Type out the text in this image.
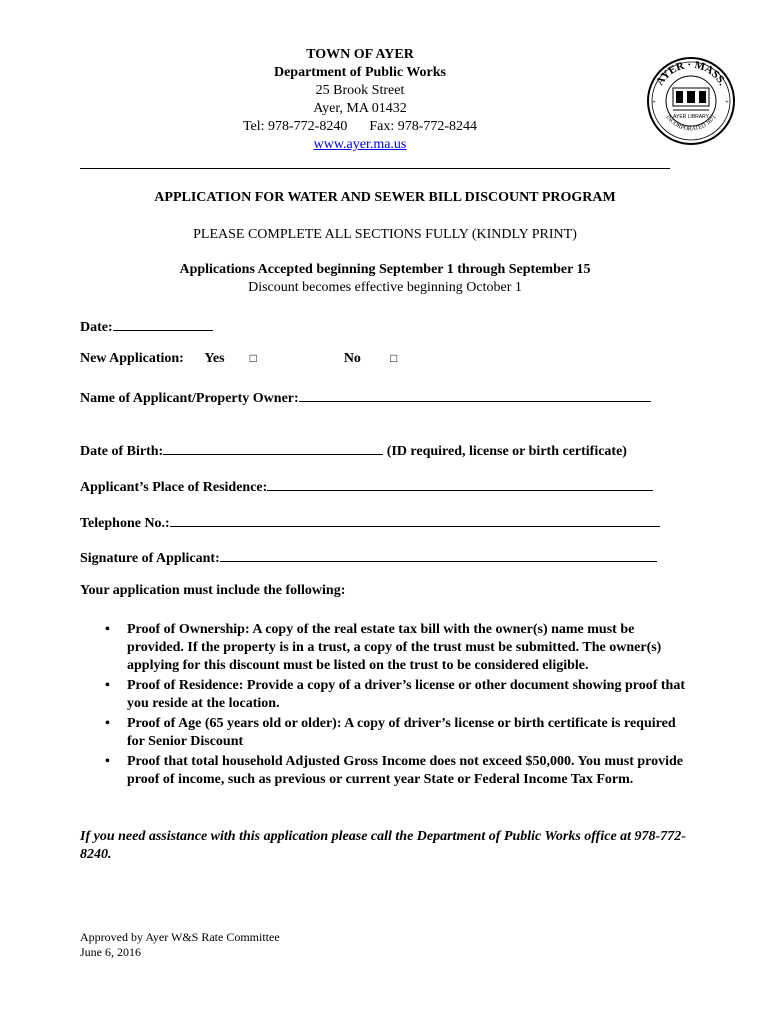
TOWN OF AYER
Department of Public Works
25 Brook Street
Ayer, MA 01432
Tel: 978-772-8240 Fax: 978-772-8244
www.ayer.ma.us
AYER · MASS.
INCORPORATED 1871
AYER LIBRARY
+	+
APPLICATION FOR WATER AND SEWER BILL DISCOUNT PROGRAM
PLEASE COMPLETE ALL SECTIONS FULLY (KINDLY PRINT)
Applications Accepted beginning September 1 through September 15
Discount becomes effective beginning October 1
Date:
New Application: Yes □	No □
Name of Applicant/Property Owner:
Date of Birth:	(ID required, license or birth certificate)
Applicant’s Place of Residence:
Telephone No.:
Signature of Applicant:
Your application must include the following:
• Proof of Ownership: A copy of the real estate tax bill with the owner(s) name must be provided. If the property is in a trust, a copy of the trust must be submitted. The owner(s) applying for this discount must be listed on the trust to be considered eligible.
• Proof of Residence: Provide a copy of a driver’s license or other document showing proof that you reside at the location.
• Proof of Age (65 years old or older): A copy of driver’s license or birth certificate is required for Senior Discount
• Proof that total household Adjusted Gross Income does not exceed $50,000. You must provide proof of income, such as previous or current year State or Federal Income Tax Form.
If you need assistance with this application please call the Department of Public Works office at 978-772-8240.
Approved by Ayer W&S Rate Committee
June 6, 2016
